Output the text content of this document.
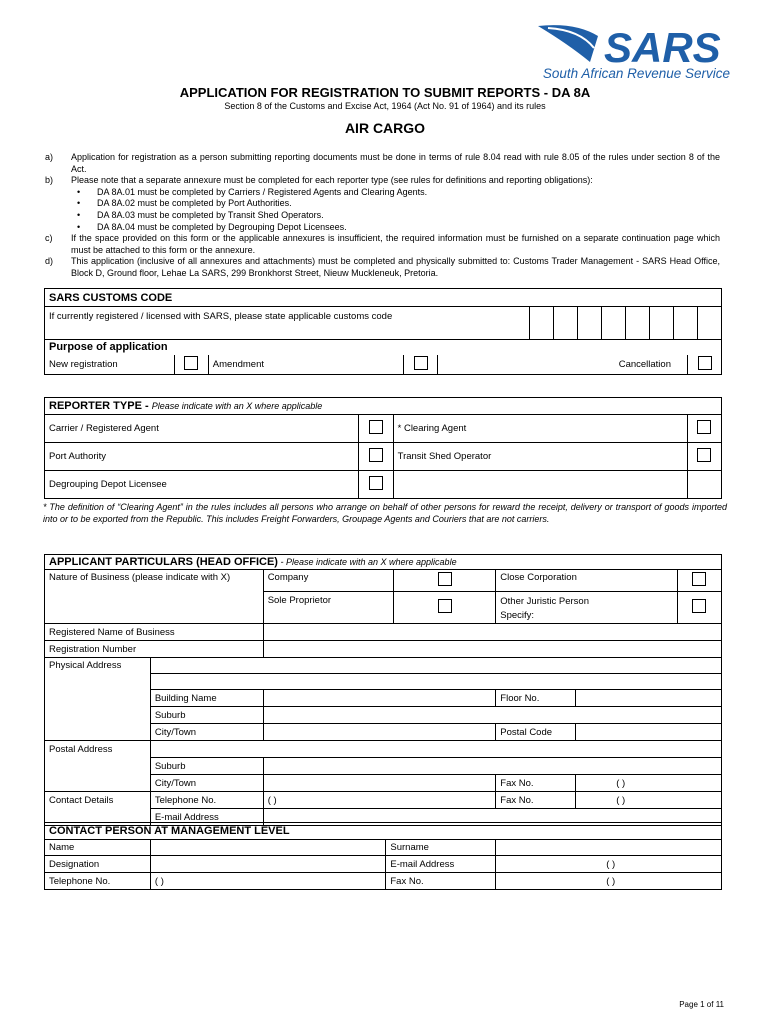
SARS
South African Revenue Service
APPLICATION FOR REGISTRATION TO SUBMIT REPORTS - DA 8A
Section 8 of the Customs and Excise Act, 1964 (Act No. 91 of 1964) and its rules
AIR CARGO
a) Application for registration as a person submitting reporting documents must be done in terms of rule 8.04 read with rule 8.05 of the rules under section 8 of the Act.
b) Please note that a separate annexure must be completed for each reporter type (see rules for definitions and reporting obligations):
• DA 8A.01 must be completed by Carriers / Registered Agents and Clearing Agents.
• DA 8A.02 must be completed by Port Authorities.
• DA 8A.03 must be completed by Transit Shed Operators.
• DA 8A.04 must be completed by Degrouping Depot Licensees.
c) If the space provided on this form or the applicable annexures is insufficient, the required information must be furnished on a separate continuation page which must be attached to this form or the annexure.
d) This application (inclusive of all annexures and attachments) must be completed and physically submitted to: Customs Trader Management - SARS Head Office, Block D, Ground floor, Lehae La SARS, 299 Bronkhorst Street, Nieuw Muckleneuk, Pretoria.
SARS CUSTOMS CODE
If currently registered / licensed with SARS, please state applicable customs code								
Purpose of application
New registration		Amendment		Cancellation	
REPORTER TYPE - Please indicate with an X where applicable			
Carrier / Registered Agent		* Clearing Agent	
Port Authority		Transit Shed Operator	
Degrouping Depot Licensee			
* The definition of “Clearing Agent” in the rules includes all persons who arrange on behalf of other persons for reward the receipt, delivery or transport of goods imported into or to be exported from the Republic. This includes Freight Forwarders, Groupage Agents and Couriers that are not carriers.
APPLICANT PARTICULARS (HEAD OFFICE) - Please indicate with an X where applicable						
Nature of Business (please indicate with X)		Company		Close Corporation		
		Sole Proprietor		Other Juristic Person
Specify:		
Registered Name of Business						
Registration Number						
Physical Address						

	Building Name			Floor No.		
	Suburb					
	City/Town			Postal Code		
Postal Address						
	Suburb					
	City/Town			Fax No.	( )	
Contact Details	Telephone No.	( )		Fax No.	( )	
	E-mail Address					
CONTACT PERSON AT MANAGEMENT LEVEL			
Name		Surname	
Designation		E-mail Address	( )
Telephone No.	( )	Fax No.	( )
Page 1 of 11
